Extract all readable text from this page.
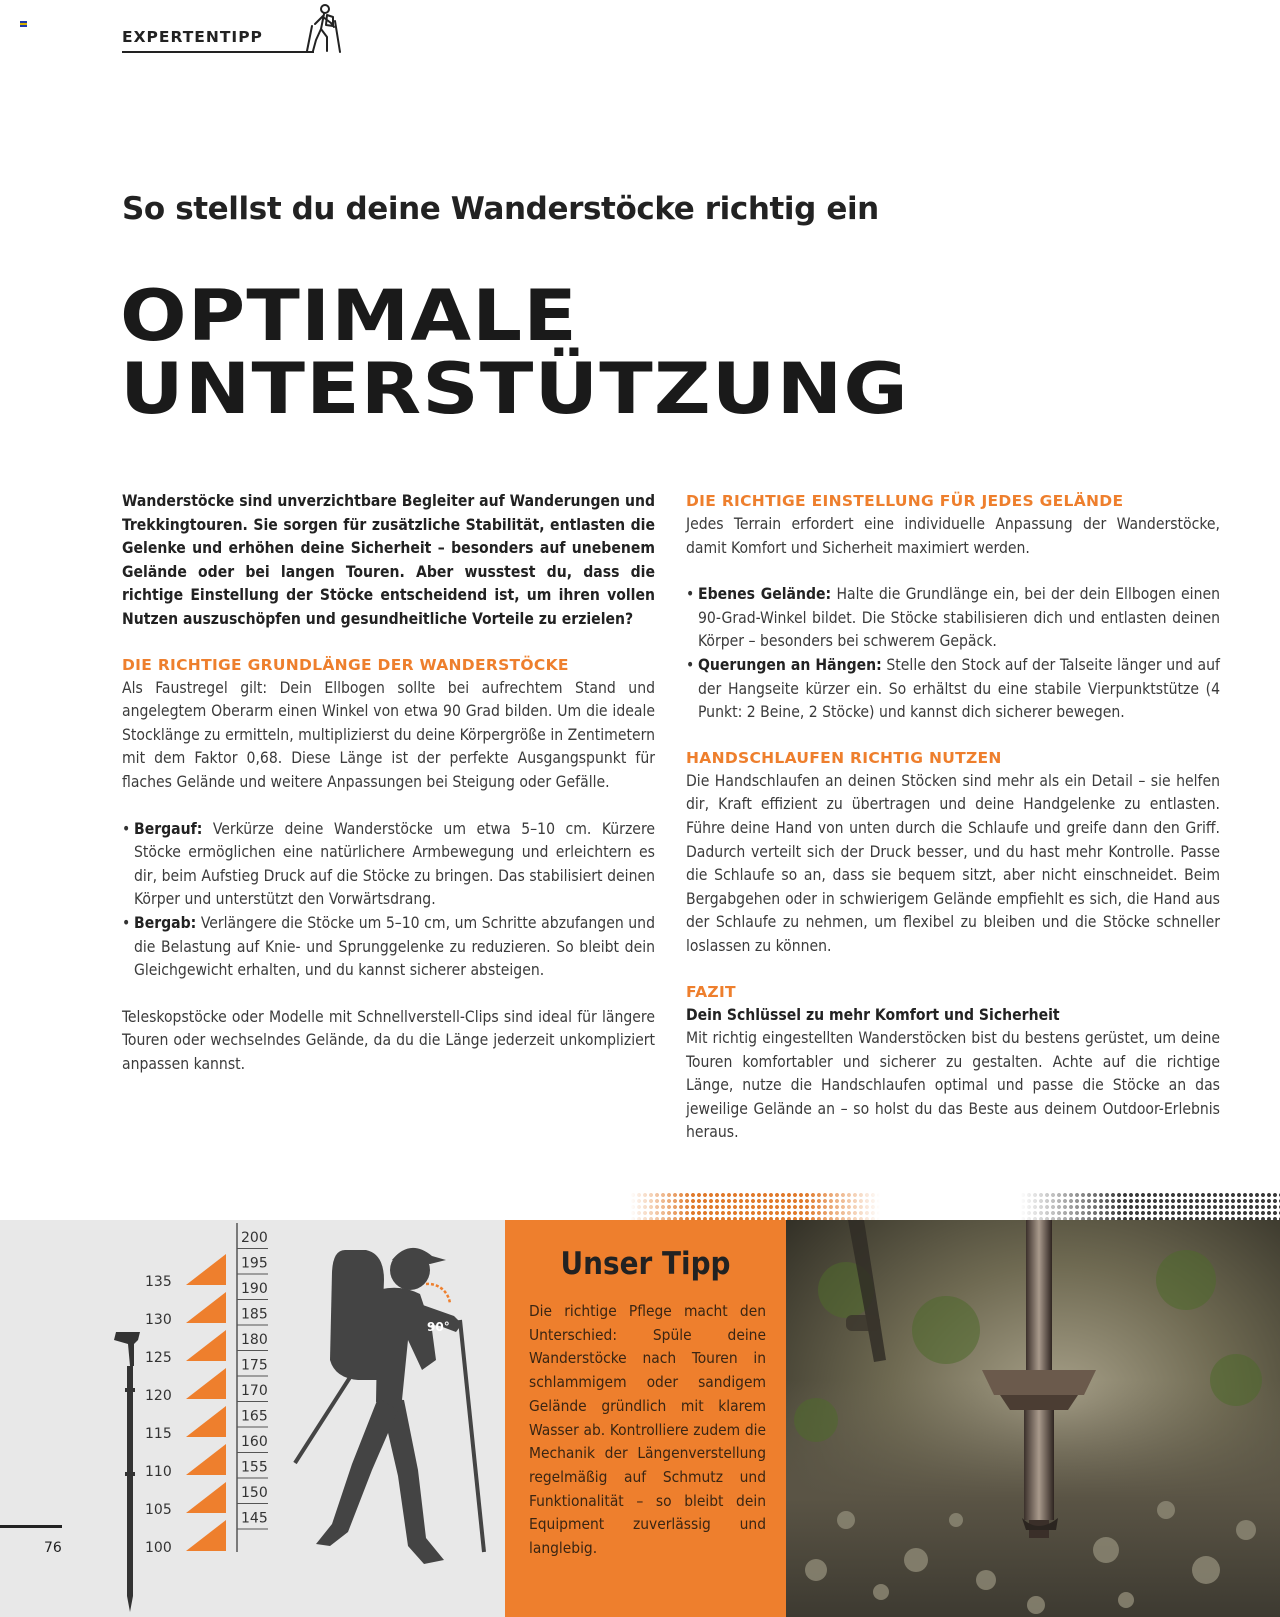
EXPERTENTIPP
So stellst du deine Wanderstöcke richtig ein
OPTIMALE
UNTERSTÜTZUNG

Wanderstöcke sind unverzichtbare Begleiter auf Wanderungen und Trekkingtouren. Sie sorgen für zusätzliche Stabilität, entlasten die Gelenke und erhöhen deine Sicherheit – besonders auf unebenem Gelände oder bei langen Touren. Aber wusstest du, dass die richtige Einstellung der Stöcke entscheidend ist, um ihren vollen Nutzen auszuschöpfen und gesundheitliche Vorteile zu erzielen?

DIE RICHTIGE GRUNDLÄNGE DER WANDERSTÖCKE

Als Faustregel gilt: Dein Ellbogen sollte bei aufrechtem Stand und angelegtem Oberarm einen Winkel von etwa 90 Grad bilden. Um die ideale Stocklänge zu ermitteln, multiplizierst du deine Körpergröße in Zentimetern mit dem Faktor 0,68. Diese Länge ist der perfekte Ausgangspunkt für flaches Gelände und weitere Anpassungen bei Steigung oder Gefälle.

• Bergauf: Verkürze deine Wanderstöcke um etwa 5–10 cm. Kürzere Stöcke ermöglichen eine natürlichere Armbewegung und erleichtern es dir, beim Aufstieg Druck auf die Stöcke zu bringen. Das stabilisiert deinen Körper und unterstützt den Vorwärtsdrang.
• Bergab: Verlängere die Stöcke um 5–10 cm, um Schritte abzufangen und die Belastung auf Knie- und Sprunggelenke zu reduzieren. So bleibt dein Gleichgewicht erhalten, und du kannst sicherer absteigen.

Teleskopstöcke oder Modelle mit Schnellverstell-Clips sind ideal für längere Touren oder wechselndes Gelände, da du die Länge jederzeit unkompliziert anpassen kannst.

DIE RICHTIGE EINSTELLUNG FÜR JEDES GELÄNDE

Jedes Terrain erfordert eine individuelle Anpassung der Wanderstöcke, damit Komfort und Sicherheit maximiert werden.

• Ebenes Gelände: Halte die Grundlänge ein, bei der dein Ellbogen einen 90-Grad-Winkel bildet. Die Stöcke stabilisieren dich und entlasten deinen Körper – besonders bei schwerem Gepäck.
• Querungen an Hängen: Stelle den Stock auf der Talseite länger und auf der Hangseite kürzer ein. So erhältst du eine stabile Vierpunktstütze (4 Punkt: 2 Beine, 2 Stöcke) und kannst dich sicherer bewegen.
HANDSCHLAUFEN RICHTIG NUTZEN

Die Handschlaufen an deinen Stöcken sind mehr als ein Detail – sie helfen dir, Kraft effizient zu übertragen und deine Handgelenke zu entlasten. Führe deine Hand von unten durch die Schlaufe und greife dann den Griff. Dadurch verteilt sich der Druck besser, und du hast mehr Kontrolle. Passe die Schlaufe so an, dass sie bequem sitzt, aber nicht einschneidet. Beim Bergabgehen oder in schwierigem Gelände empfiehlt es sich, die Hand aus der Schlaufe zu nehmen, um flexibel zu bleiben und die Stöcke schneller loslassen zu können.

FAZIT
Dein Schlüssel zu mehr Komfort und Sicherheit

Mit richtig eingestellten Wanderstöcken bist du bestens gerüstet, um deine Touren komfortabler und sicherer zu gestalten. Achte auf die richtige Länge, nutze die Handschlaufen optimal und passe die Stöcke an das jeweilige Gelände an – so holst du das Beste aus deinem Outdoor-Erlebnis heraus.

135
130
125
120
115
110
105
100
200
195
190
185
180
175
170
165
160
155
150
145
90°
76
Unser Tipp

Die richtige Pflege macht den Unterschied: Spüle deine Wanderstöcke nach Touren in schlammigem oder sandigem Gelände gründlich mit klarem Wasser ab. Kontrolliere zudem die Mechanik der Längenverstellung regelmäßig auf Schmutz und Funktionalität – so bleibt dein Equipment zuverlässig und langlebig.
